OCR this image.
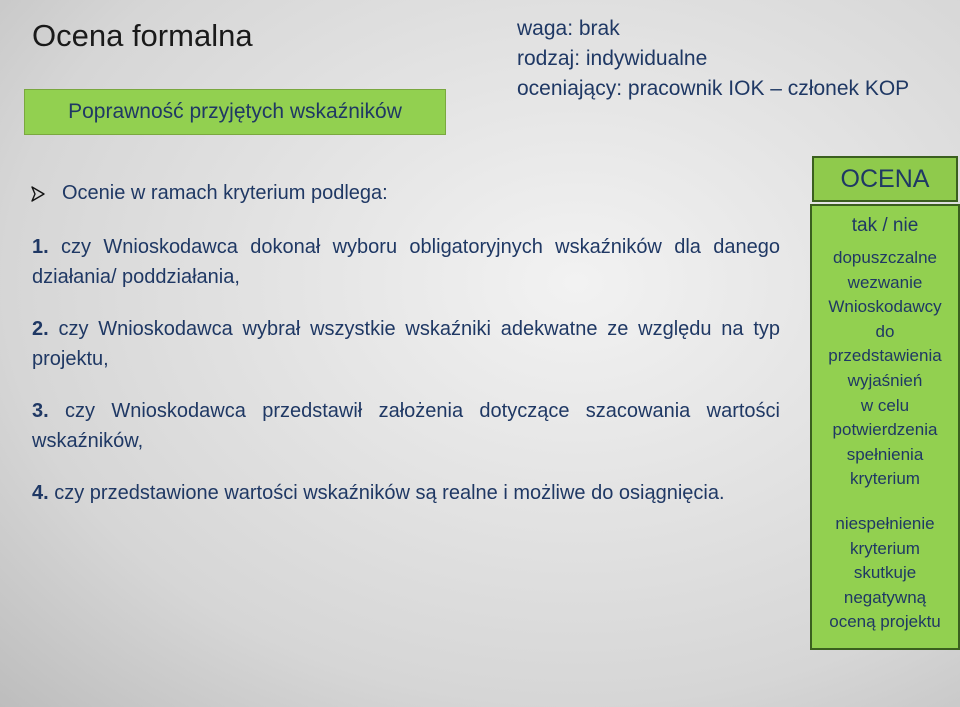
Ocena formalna
Poprawność przyjętych wskaźników
waga: brak
rodzaj: indywidualne
oceniający: pracownik IOK – członek KOP
Ocenie w ramach kryterium podlega:
1. czy Wnioskodawca dokonał wyboru obligatoryjnych wskaźników dla danego działania/ poddziałania,
2. czy Wnioskodawca wybrał wszystkie wskaźniki adekwatne ze względu na typ projektu,
3. czy Wnioskodawca przedstawił założenia dotyczące szacowania wartości wskaźników,
4. czy przedstawione wartości wskaźników są realne i możliwe do osiągnięcia.
OCENA
tak / nie
dopuszczalne
wezwanie
Wnioskodawcy
do
przedstawienia
wyjaśnień
w celu
potwierdzenia
spełnienia
kryterium
niespełnienie
kryterium
skutkuje
negatywną
oceną projektu
